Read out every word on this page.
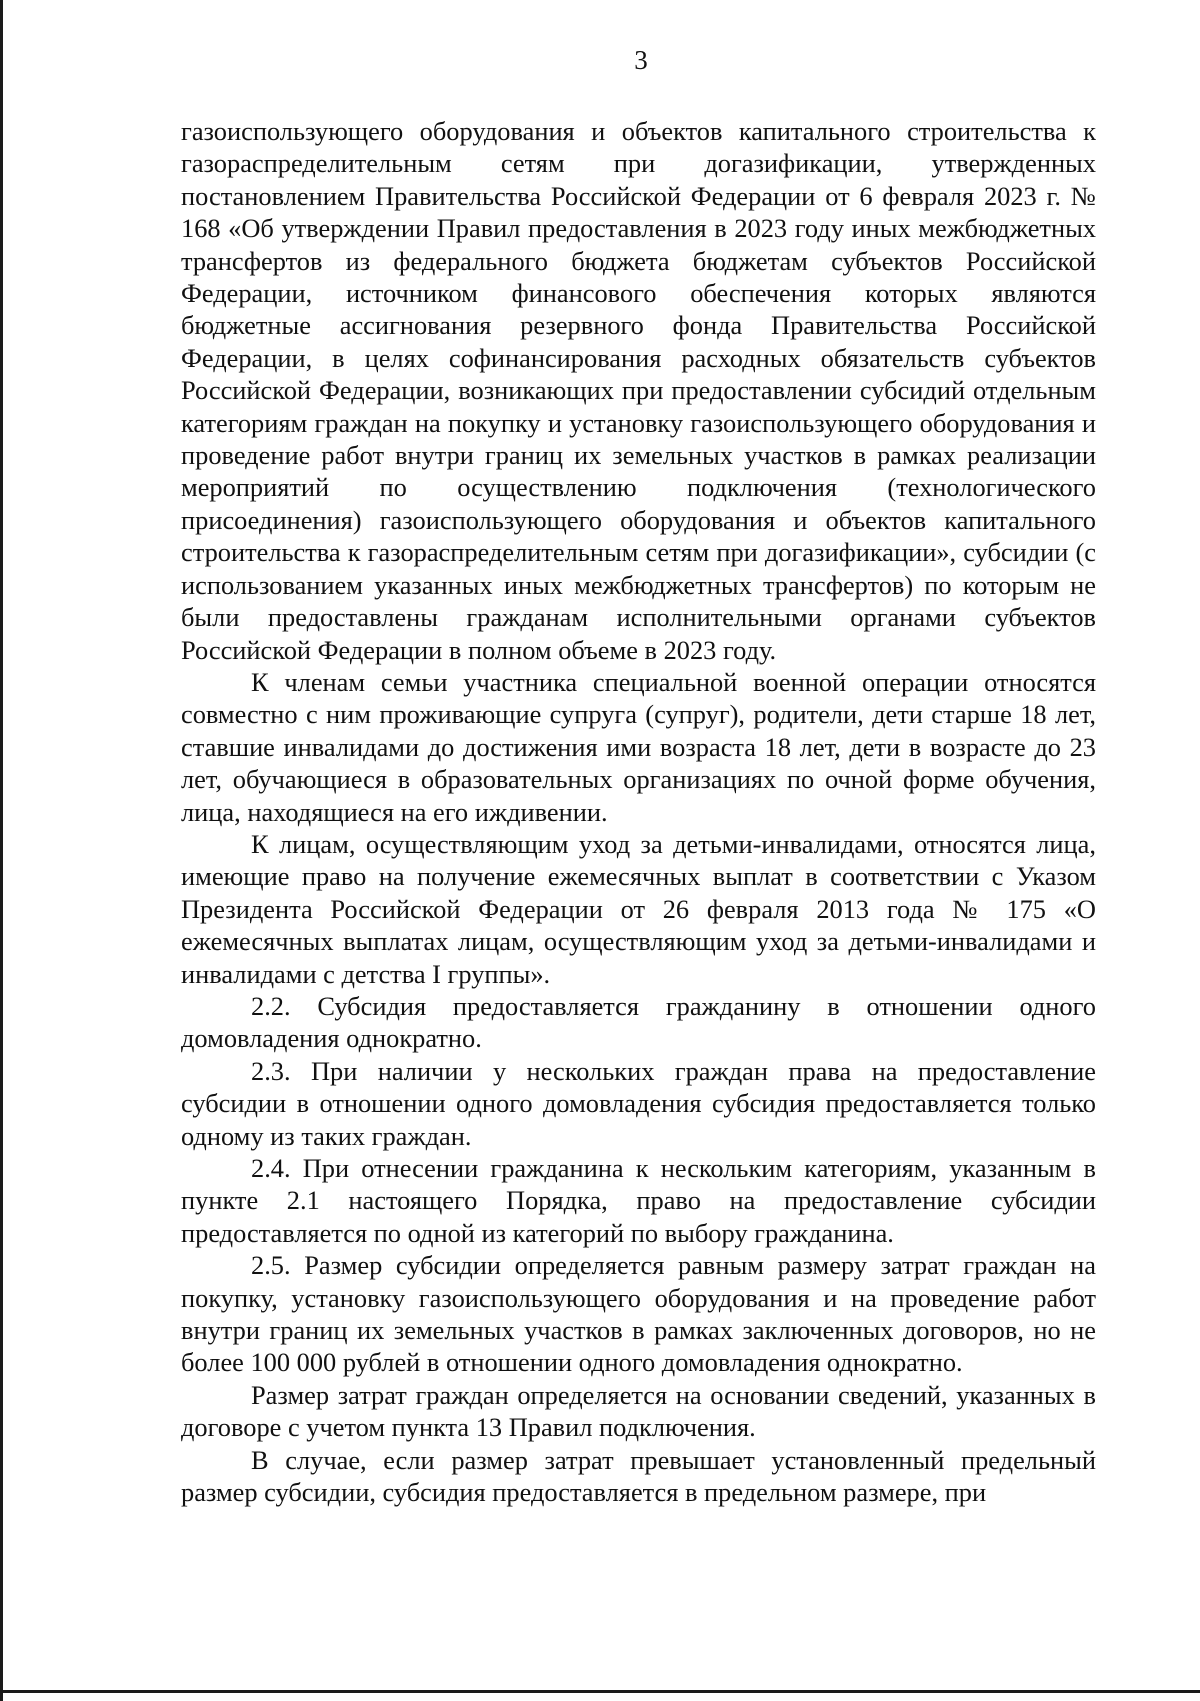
3

газоиспользующего оборудования и объектов капитального строительства к газораспределительным сетям при догазификации, утвержденных постановлением Правительства Российской Федерации от 6 февраля 2023 г. № 168 «Об утверждении Правил предоставления в 2023 году иных межбюджетных трансфертов из федерального бюджета бюджетам субъектов Российской Федерации, источником финансового обеспечения которых являются бюджетные ассигнования резервного фонда Правительства Российской Федерации, в целях софинансирования расходных обязательств субъектов Российской Федерации, возникающих при предоставлении субсидий отдельным категориям граждан на покупку и установку газоиспользующего оборудования и проведение работ внутри границ их земельных участков в рамках реализации мероприятий по осуществлению подключения (технологического присоединения) газоиспользующего оборудования и объектов капитального строительства к газораспределительным сетям при догазификации», субсидии (с использованием указанных иных межбюджетных трансфертов) по которым не были предоставлены гражданам исполнительными органами субъектов Российской Федерации в полном объеме в 2023 году.

К членам семьи участника специальной военной операции относятся совместно с ним проживающие супруга (супруг), родители, дети старше 18 лет, ставшие инвалидами до достижения ими возраста 18 лет, дети в возрасте до 23 лет, обучающиеся в образовательных организациях по очной форме обучения, лица, находящиеся на его иждивении.

К лицам, осуществляющим уход за детьми-инвалидами, относятся лица, имеющие право на получение ежемесячных выплат в соответствии с Указом Президента Российской Федерации от 26 февраля 2013 года № 175 «О ежемесячных выплатах лицам, осуществляющим уход за детьми-инвалидами и инвалидами с детства I группы».

2.2. Субсидия предоставляется гражданину в отношении одного домовладения однократно.

2.3. При наличии у нескольких граждан права на предоставление субсидии в отношении одного домовладения субсидия предоставляется только одному из таких граждан.

2.4. При отнесении гражданина к нескольким категориям, указанным в пункте 2.1 настоящего Порядка, право на предоставление субсидии предоставляется по одной из категорий по выбору гражданина.

2.5. Размер субсидии определяется равным размеру затрат граждан на покупку, установку газоиспользующего оборудования и на проведение работ внутри границ их земельных участков в рамках заключенных договоров, но не более 100 000 рублей в отношении одного домовладения однократно.

Размер затрат граждан определяется на основании сведений, указанных в договоре с учетом пункта 13 Правил подключения.

В случае, если размер затрат превышает установленный предельный размер субсидии, субсидия предоставляется в предельном размере, при
